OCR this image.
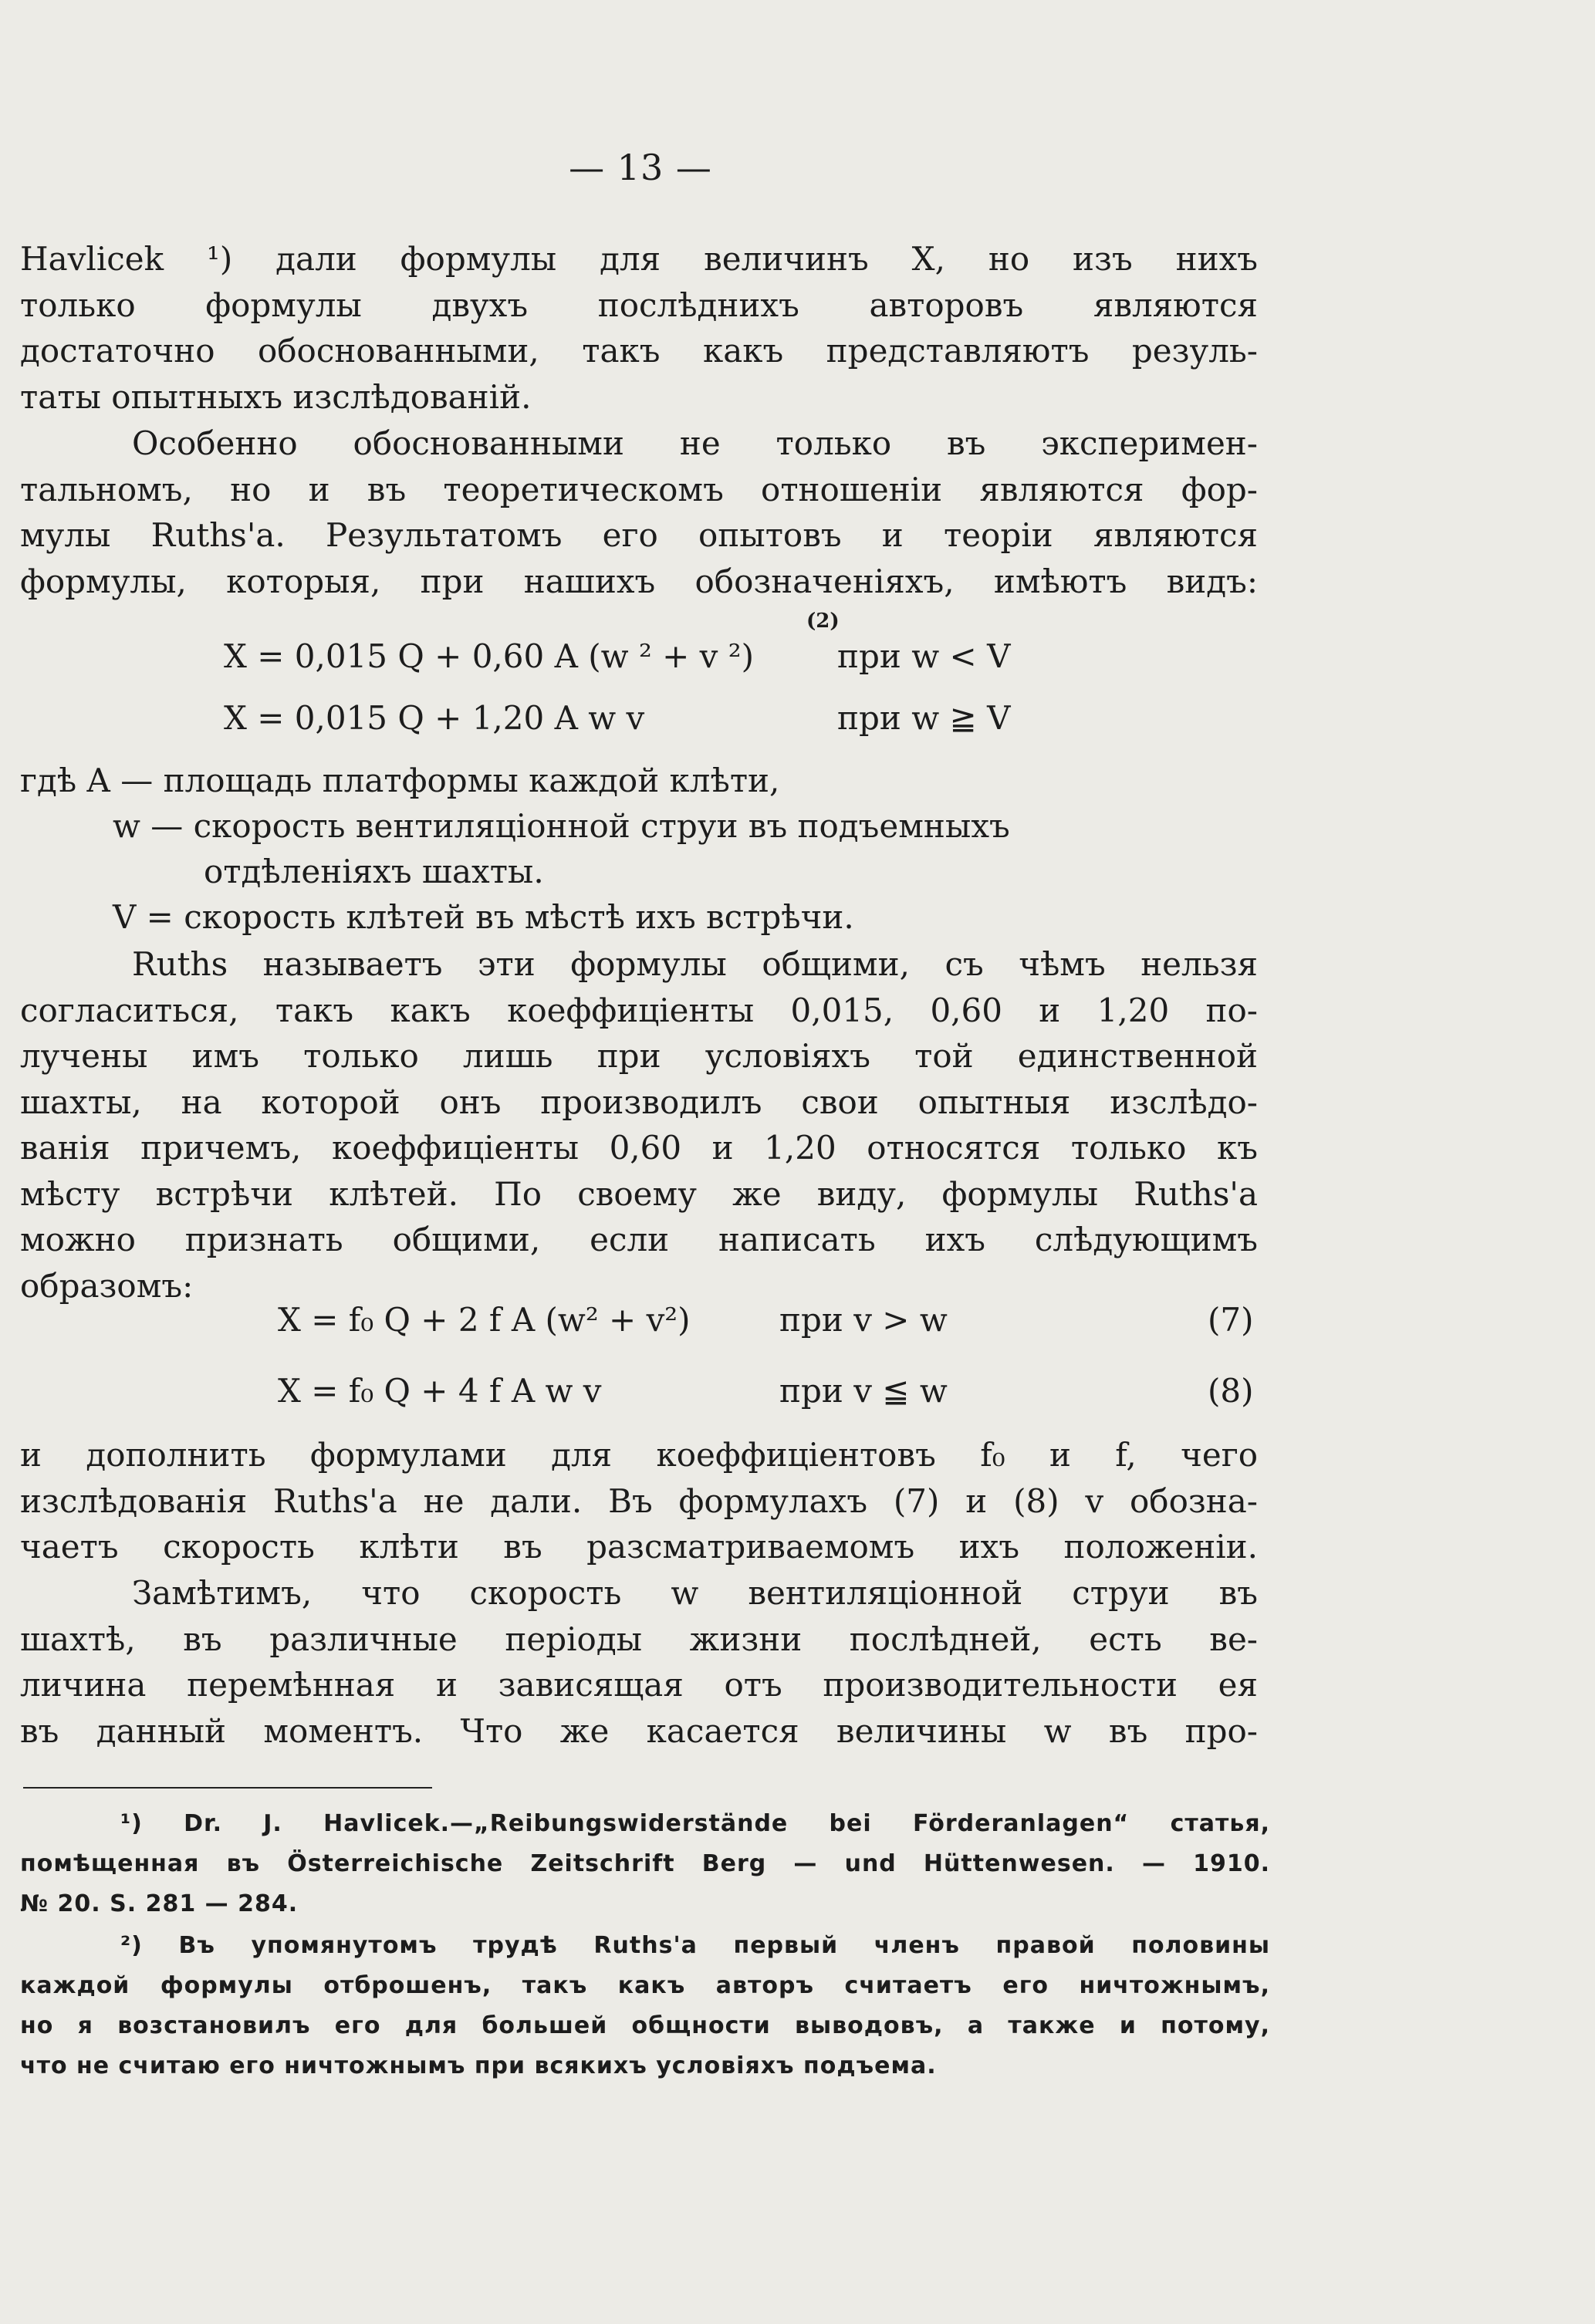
— 13 —
Havlicek ¹) дали формулы для величинъ X, но изъ нихъ
только формулы двухъ послѣднихъ авторовъ являются
достаточно обоснованными, такъ какъ представляютъ резуль-
таты опытныхъ изслѣдованій.
Особенно обоснованными не только въ эксперимен-
тальномъ, но и въ теоретическомъ отношеніи являются фор-
мулы Ruths'а. Результатомъ его опытовъ и теоріи являются
формулы, которыя, при нашихъ обозначеніяхъ, имѣютъ видъ:
(2)
X = 0,015 Q + 0,60 A (w ² + v ²)	при w < V
X = 0,015 Q + 1,20 A w v	при w ≧ V
гдѣ A — площадь платформы каждой клѣти,
w — скорость вентиляціонной струи въ подъемныхъ
отдѣленіяхъ шахты.
V = скорость клѣтей въ мѣстѣ ихъ встрѣчи.
Ruths называетъ эти формулы общими, съ чѣмъ нельзя
согласиться, такъ какъ коеффиціенты 0,015, 0,60 и 1,20 по-
лучены имъ только лишь при условіяхъ той единственной
шахты, на которой онъ производилъ свои опытныя изслѣдо-
ванія причемъ, коеффиціенты 0,60 и 1,20 относятся только къ
мѣсту встрѣчи клѣтей. По своему же виду, формулы Ruths'а
можно признать общими, если написать ихъ слѣдующимъ
образомъ:
X = f₀ Q + 2 f A (w² + v²)	при v > w	(7)
X = f₀ Q + 4 f A w v	при v ≦ w	(8)
и дополнить формулами для коеффиціентовъ f₀ и f, чего
изслѣдованія Ruths'а не дали. Въ формулахъ (7) и (8) v обозна-
чаетъ скорость клѣти въ разсматриваемомъ ихъ положеніи.
Замѣтимъ, что скорость w вентиляціонной струи въ
шахтѣ, въ различные періоды жизни послѣдней, есть ве-
личина перемѣнная и зависящая отъ производительности ея
въ данный моментъ. Что же касается величины w въ про-
¹) Dr. J. Havlicek.—„Reibungswiderstände bei Förderanlagen“ статья,
помѣщенная въ Österreichische Zeitschrift Berg — und Hüttenwesen. — 1910.
№ 20. S. 281 — 284.
²) Въ упомянутомъ трудѣ Ruths'а первый членъ правой половины
каждой формулы отброшенъ, такъ какъ авторъ считаетъ его ничтожнымъ,
но я возстановилъ его для большей общности выводовъ, а также и потому,
что не считаю его ничтожнымъ при всякихъ условіяхъ подъема.
